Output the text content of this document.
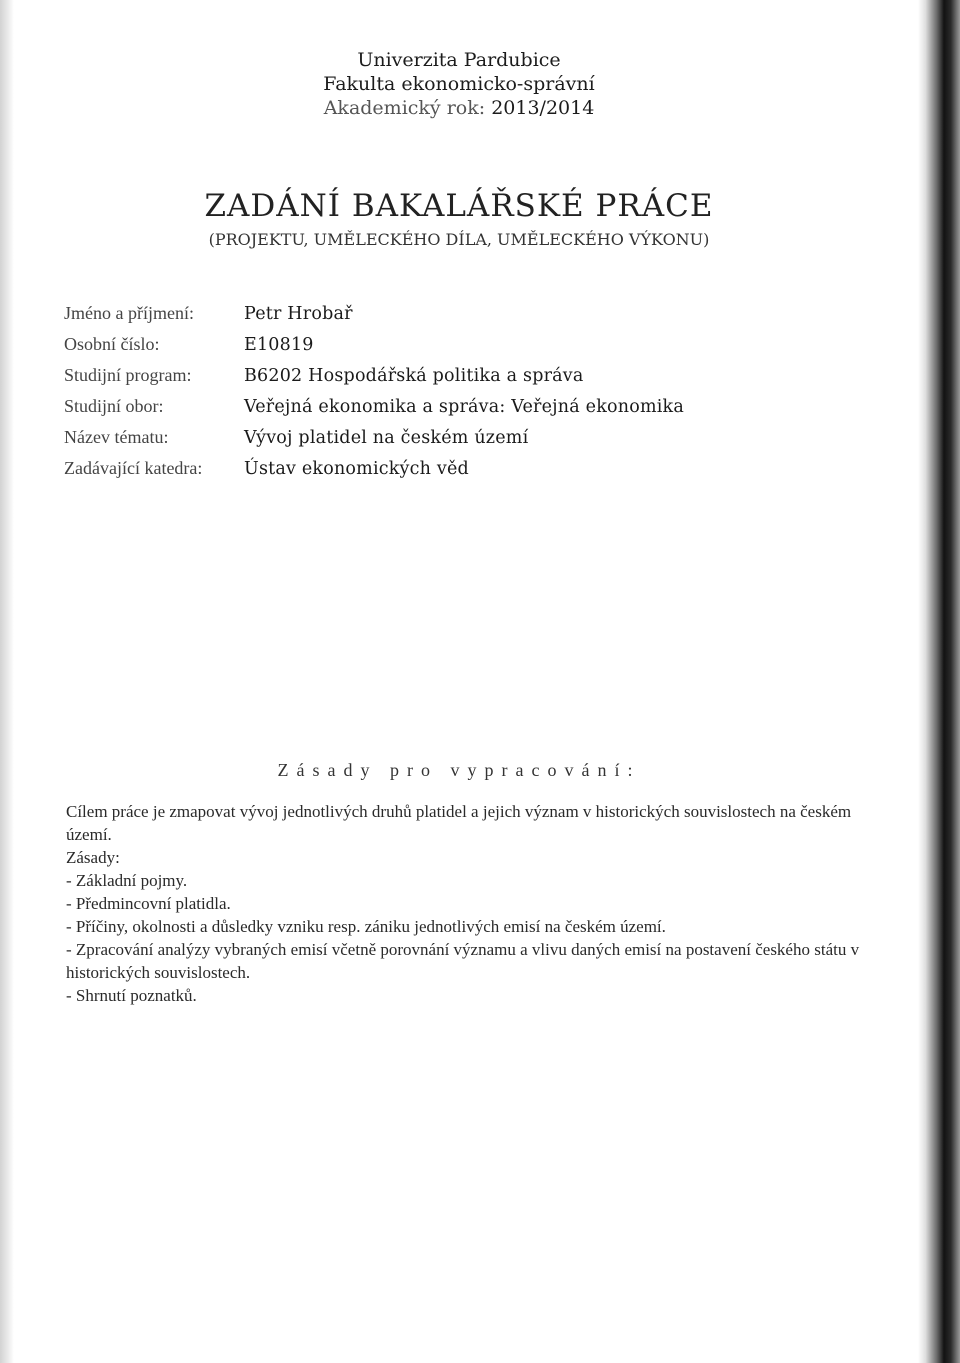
Univerzita Pardubice
Fakulta ekonomicko-správní
Akademický rok: 2013/2014
ZADÁNÍ BAKALÁŘSKÉ PRÁCE
(PROJEKTU, UMĚLECKÉHO DÍLA, UMĚLECKÉHO VÝKONU)
Jméno a příjmení:	Petr Hrobař
Osobní číslo:	E10819
Studijní program:	B6202 Hospodářská politika a správa
Studijní obor:	Veřejná ekonomika a správa: Veřejná ekonomika
Název tématu:	Vývoj platidel na českém území
Zadávající katedra:	Ústav ekonomických věd
Zásady pro vypracování:
Cílem práce je zmapovat vývoj jednotlivých druhů platidel a jejich význam v historických souvislostech na českém území.
Zásady:
- Základní pojmy.
- Předmincovní platidla.
- Příčiny, okolnosti a důsledky vzniku resp. zániku jednotlivých emisí na českém území.
- Zpracování analýzy vybraných emisí včetně porovnání významu a vlivu daných emisí na postavení českého státu v historických souvislostech.
- Shrnutí poznatků.
